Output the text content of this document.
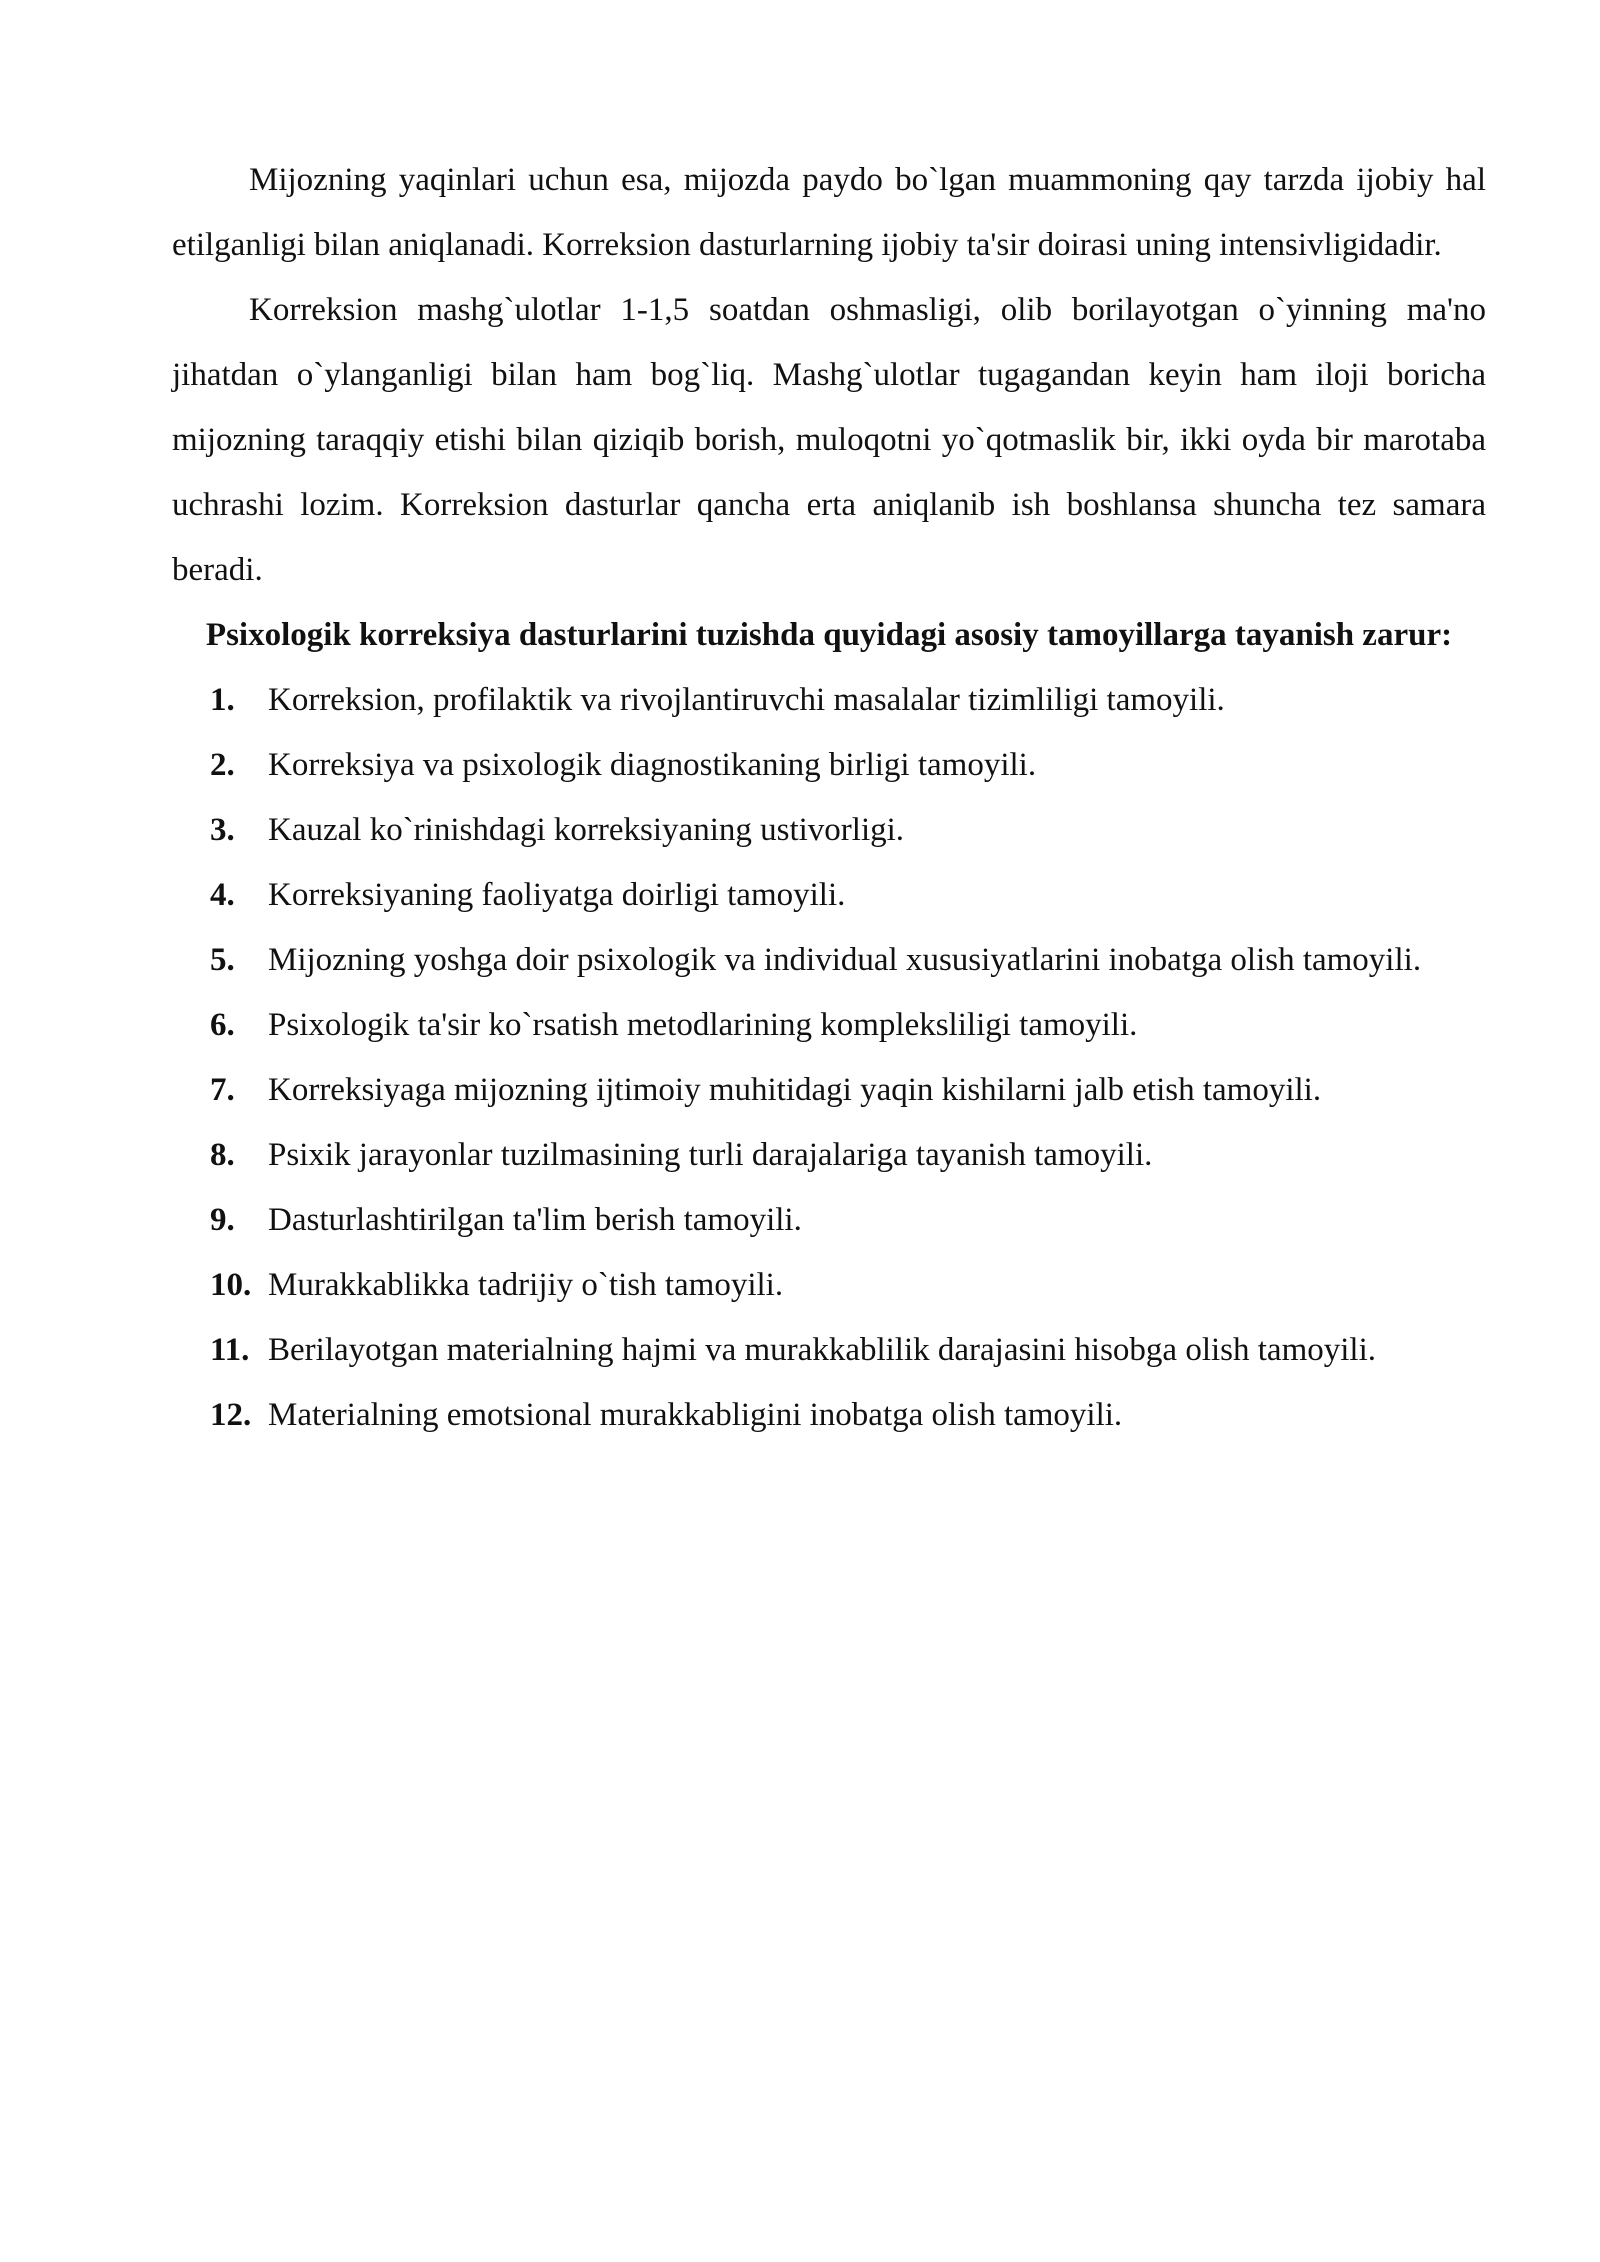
Mijozning yaqinlari uchun esa, mijozda paydo bo`lgan muammoning qay tarzda ijobiy hal etilganligi bilan aniqlanadi. Korreksion dasturlarning ijobiy ta'sir doirasi uning intensivligidadir.

Korreksion mashg`ulotlar 1-1,5 soatdan oshmasligi, olib borilayotgan o`yinning ma'no jihatdan o`ylanganligi bilan ham bog`liq. Mashg`ulotlar tugagandan keyin ham iloji boricha mijozning taraqqiy etishi bilan qiziqib borish, muloqotni yo`qotmaslik bir, ikki oyda bir marotaba uchrashi lozim. Korreksion dasturlar qancha erta aniqlanib ish boshlansa shuncha tez samara beradi.

Psixologik korreksiya dasturlarini tuzishda quyidagi asosiy tamoyillarga tayanish zarur:

1. Korreksion, profilaktik va rivojlantiruvchi masalalar tizimliligi tamoyili.
2. Korreksiya va psixologik diagnostikaning birligi tamoyili.
3. Kauzal ko`rinishdagi korreksiyaning ustivorligi.
4. Korreksiyaning faoliyatga doirligi tamoyili.
5. Mijozning yoshga doir psixologik va individual xususiyatlarini inobatga olish tamoyili.
6. Psixologik ta'sir ko`rsatish metodlarining kompleksliligi tamoyili.
7. Korreksiyaga mijozning ijtimoiy muhitidagi yaqin kishilarni jalb etish tamoyili.
8. Psixik jarayonlar tuzilmasining turli darajalariga tayanish tamoyili.
9. Dasturlashtirilgan ta'lim berish tamoyili.
10. Murakkablikka tadrijiy o`tish tamoyili.
11. Berilayotgan materialning hajmi va murakkablilik darajasini hisobga olish tamoyili.
12. Materialning emotsional murakkabligini inobatga olish tamoyili.
